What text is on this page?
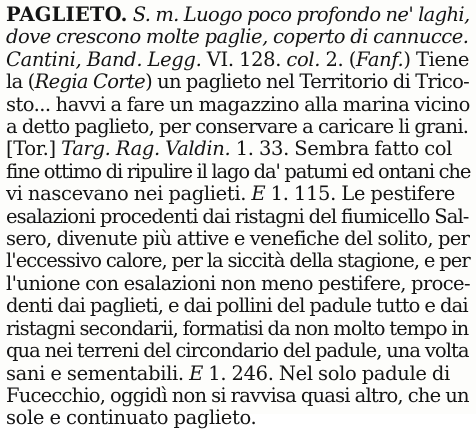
PAGLIETO. S. m. Luogo poco profondo ne' laghi,
dove crescono molte paglie, coperto di cannucce.
Cantini, Band. Legg. VI. 128. col. 2. (Fanf.) Tiene
la (Regia Corte) un paglieto nel Territorio di Trico-
sto... havvi a fare un magazzino alla marina vicino
a detto paglieto, per conservare a caricare li grani.
[Tor.] Targ. Rag. Valdin. 1. 33. Sembra fatto col
fine ottimo di ripulire il lago da' patumi ed ontani che
vi nascevano nei paglieti. E 1. 115. Le pestifere
esalazioni procedenti dai ristagni del fiumicello Sal-
sero, divenute più attive e venefiche del solito, per
l'eccessivo calore, per la siccità della stagione, e per
l'unione con esalazioni non meno pestifere, proce-
denti dai paglieti, e dai pollini del padule tutto e dai
ristagni secondarii, formatisi da non molto tempo in
qua nei terreni del circondario del padule, una volta
sani e sementabili. E 1. 246. Nel solo padule di
Fucecchio, oggidì non si ravvisa quasi altro, che un
sole e continuato paglieto.
